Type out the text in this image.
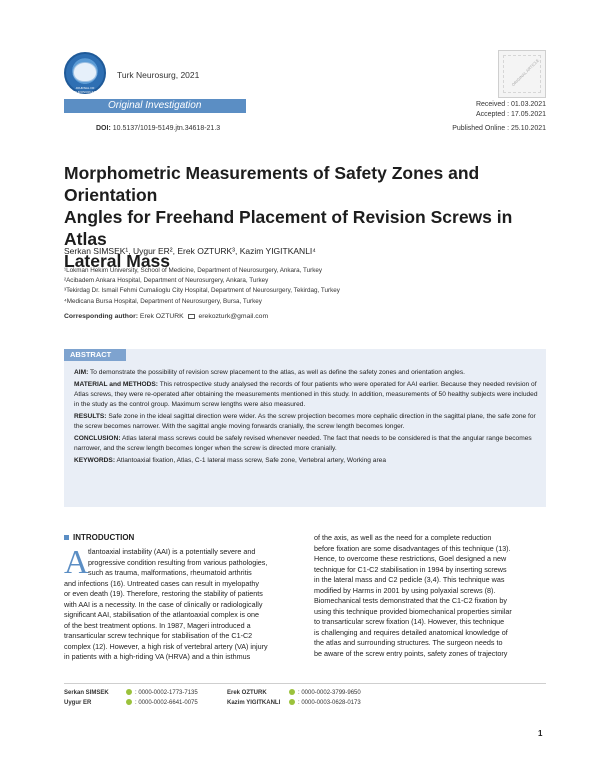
JOURNAL OF NEUROSURGERY
Turk Neurosurg, 2021	ORIGINAL ARTICLE
Original Investigation	Received : 01.03.2021
Accepted : 17.05.2021
DOI: 10.5137/1019-5149.jtn.34618-21.3	Published Online : 25.10.2021
Morphometric Measurements of Safety Zones and Orientation
Angles for Freehand Placement of Revision Screws in Atlas
Lateral Mass
Serkan SIMSEK¹, Uygur ER², Erek OZTURK³, Kazim YIGITKANLI⁴
¹Lokman Hekim University, School of Medicine, Department of Neurosurgery, Ankara, Turkey
²Acibadem Ankara Hospital, Department of Neurosurgery, Ankara, Turkey
³Tekirdag Dr. Ismail Fehmi Cumalioglu City Hospital, Department of Neurosurgery, Tekirdag, Turkey
⁴Medicana Bursa Hospital, Department of Neurosurgery, Bursa, Turkey
Corresponding author: Erek OZTURK erekozturk@gmail.com
ABSTRACT

AIM: To demonstrate the possibility of revision screw placement to the atlas, as well as define the safety zones and orientation angles.

MATERIAL and METHODS: This retrospective study analysed the records of four patients who were operated for AAI earlier. Because they needed revision of Atlas screws, they were re-operated after obtaining the measurements mentioned in this study. In addition, measurements of 50 healthy subjects were included in the study as the control group. Maximum screw lengths were also measured.

RESULTS: Safe zone in the ideal sagittal direction were wider. As the screw projection becomes more cephalic direction in the sagittal plane, the safe zone for the screw becomes narrower. With the sagittal angle moving forwards cranially, the screw length becomes longer.

CONCLUSION: Atlas lateral mass screws could be safely revised whenever needed. The fact that needs to be considered is that the angular range becomes narrower, and the screw length becomes longer when the screw is directed more cranially.

KEYWORDS: Atlantoaxial fixation, Atlas, C-1 lateral mass screw, Safe zone, Vertebral artery, Working area

INTRODUCTION
A tlantoaxial instability (AAI) is a potentially severe and
progressive condition resulting from various pathologies,
such as trauma, malformations, rheumatoid arthritis
and infections (16). Untreated cases can result in myelopathy
or even death (19). Therefore, restoring the stability of patients
with AAI is a necessity. In the case of clinically or radiologically
significant AAI, stabilisation of the atlantoaxial complex is one
of the best treatment options. In 1987, Mageri introduced a
transarticular screw technique for stabilisation of the C1-C2
complex (12). However, a high risk of vertebral artery (VA) injury
in patients with a high-riding VA (HRVA) and a thin isthmus
of the axis, as well as the need for a complete reduction
before fixation are some disadvantages of this technique (13).
Hence, to overcome these restrictions, Goel designed a new
technique for C1-C2 stabilisation in 1994 by inserting screws
in the lateral mass and C2 pedicle (3,4). This technique was
modified by Harms in 2001 by using polyaxial screws (8).
Biomechanical tests demonstrated that the C1-C2 fixation by
using this technique provided biomechanical properties similar
to transarticular screw fixation (14). However, this technique
is challenging and requires detailed anatomical knowledge of
the atlas and surrounding structures. The surgeon needs to
be aware of the screw entry points, safety zones of trajectory
Serkan SIMSEK	: 0000-0002-1773-7135
Uygur ER	: 0000-0002-6641-0075
Erek OZTURK	: 0000-0002-3799-9650
Kazim YIGITKANLI	: 0000-0003-0628-0173
1
